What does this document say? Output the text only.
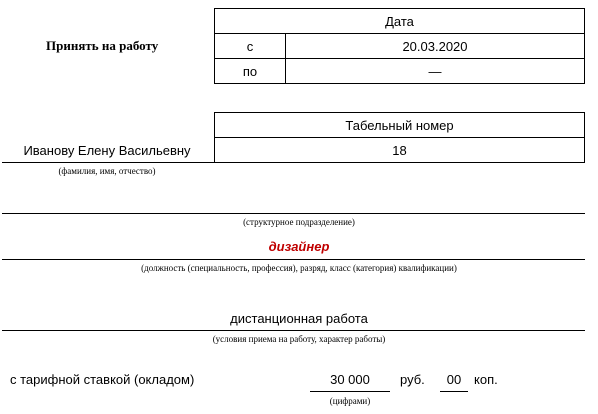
Принять на работу
Дата	
с	20.03.2020
по	—
Табельный номер
18
Иванову Елену Васильевну
(фамилия, имя, отчество)
(структурное подразделение)
дизайнер
(должность (специальность, профессия), разряд, класс (категория) квалификации)
дистанционная работа
(условия приема на работу, характер работы)
с тарифной ставкой (окладом)	30 000	руб.	00 коп.
(цифрами)
